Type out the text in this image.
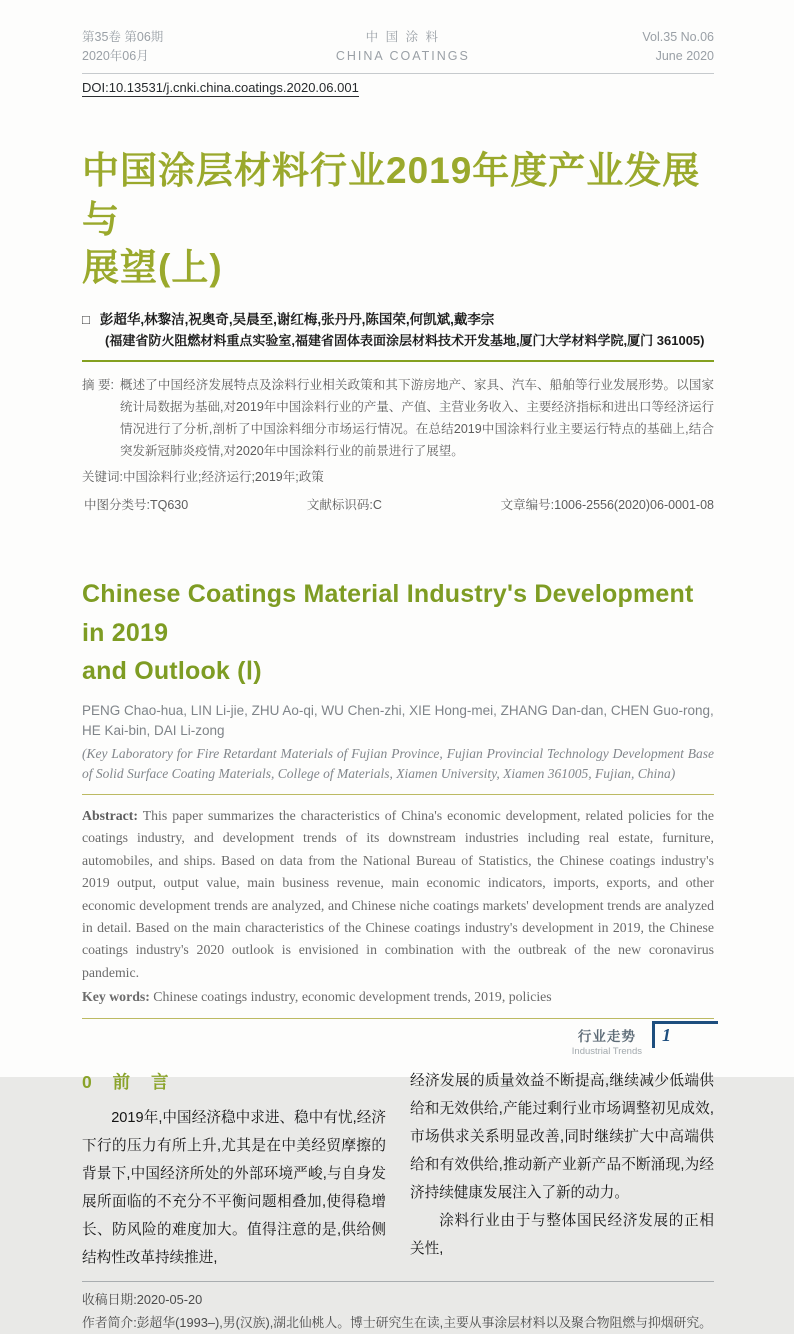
第35卷 第06期
2020年06月
中 国 涂 料
CHINA COATINGS
Vol.35 No.06
June 2020
DOI:10.13531/j.cnki.china.coatings.2020.06.001
中国涂层材料行业2019年度产业发展与
展望(上)
□ 彭超华,林黎洁,祝奥奇,吴晨至,谢红梅,张丹丹,陈国荣,何凯斌,戴李宗
(福建省防火阻燃材料重点实验室,福建省固体表面涂层材料技术开发基地,厦门大学材料学院,厦门 361005)
摘 要: 概述了中国经济发展特点及涂料行业相关政策和其下游房地产、家具、汽车、船舶等行业发展形势。以国家统计局数据为基础,对2019年中国涂料行业的产量、产值、主营业务收入、主要经济指标和进出口等经济运行情况进行了分析,剖析了中国涂料细分市场运行情况。在总结2019中国涂料行业主要运行特点的基础上,结合突发新冠肺炎疫情,对2020年中国涂料行业的前景进行了展望。
关键词:中国涂料行业;经济运行;2019年;政策
中图分类号:TQ630	文献标识码:C	文章编号:1006-2556(2020)06-0001-08
Chinese Coatings Material Industry's Development in 2019
and Outlook (Ⅰ)
PENG Chao-hua, LIN Li-jie, ZHU Ao-qi, WU Chen-zhi, XIE Hong-mei, ZHANG Dan-dan, CHEN Guo-rong, HE Kai-bin, DAI Li-zong
(Key Laboratory for Fire Retardant Materials of Fujian Province, Fujian Provincial Technology Development Base of Solid Surface Coating Materials, College of Materials, Xiamen University, Xiamen 361005, Fujian, China)
Abstract: This paper summarizes the characteristics of China's economic development, related policies for the coatings industry, and development trends of its downstream industries including real estate, furniture, automobiles, and ships. Based on data from the National Bureau of Statistics, the Chinese coatings industry's 2019 output, output value, main business revenue, main economic indicators, imports, exports, and other economic development trends are analyzed, and Chinese niche coatings markets' development trends are analyzed in detail. Based on the main characteristics of the Chinese coatings industry's development in 2019, the Chinese coatings industry's 2020 outlook is envisioned in combination with the outbreak of the new coronavirus pandemic.
Key words: Chinese coatings industry, economic development trends, 2019, policies
0 前 言

2019年,中国经济稳中求进、稳中有忧,经济下行的压力有所上升,尤其是在中美经贸摩擦的背景下,中国经济所处的外部环境严峻,与自身发展所面临的不充分不平衡问题相叠加,使得稳增长、防风险的难度加大。值得注意的是,供给侧结构性改革持续推进,

经济发展的质量效益不断提高,继续减少低端供给和无效供给,产能过剩行业市场调整初见成效,市场供求关系明显改善,同时继续扩大中高端供给和有效供给,推动新产业新产品不断涌现,为经济持续健康发展注入了新的动力。

涂料行业由于与整体国民经济发展的正相关性,

收稿日期:2020-05-20
作者简介:彭超华(1993–),男(汉族),湖北仙桃人。博士研究生在读,主要从事涂层材料以及聚合物阻燃与抑烟研究。
行业走势
Industrial Trends
1
